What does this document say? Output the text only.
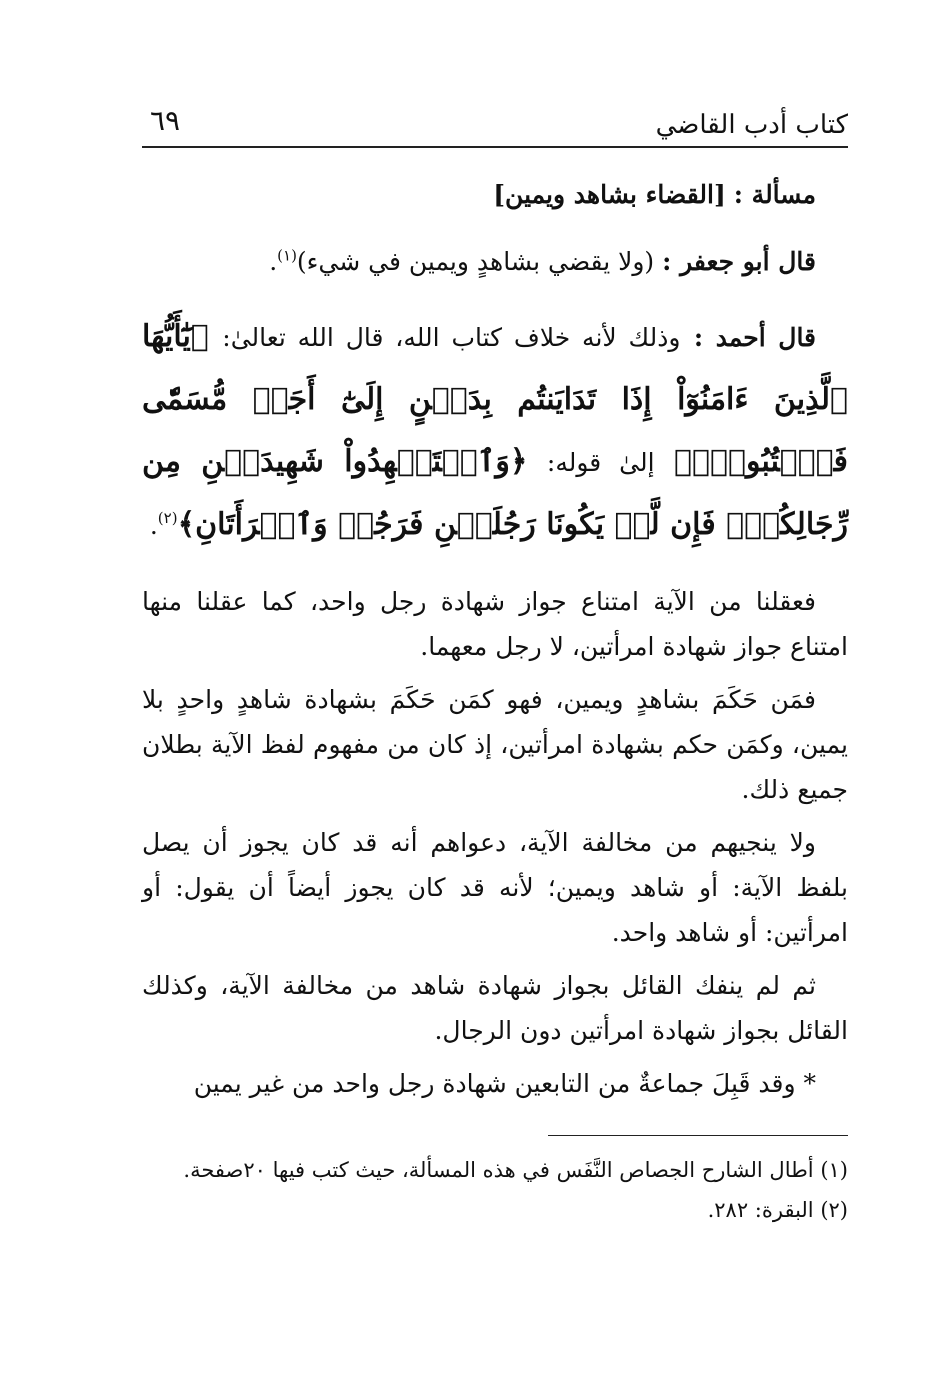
كتاب أدب القاضي
٦٩

مسألة : [القضاء بشاهد ويمين]

قال أبو جعفر : (ولا يقضي بشاهدٍ ويمين في شيء)$^{(١)}$.

قال أحمد : وذلك لأنه خلاف كتاب الله، قال الله تعالىٰ: ﴿يَٰٓأَيُّهَا ٱلَّذِينَ ءَامَنُوٓاْ إِذَا تَدَايَنتُم بِدَيۡنٍ إِلَىٰٓ أَجَلٖ مُّسَمّٗى فَٱكۡتُبُوهُۚ﴾ إلىٰ قوله: ﴿وَٱسۡتَشۡهِدُواْ شَهِيدَيۡنِ مِن رِّجَالِكُمۡۖ فَإِن لَّمۡ يَكُونَا رَجُلَيۡنِ فَرَجُلٞ وَٱمۡرَأَتَانِ﴾$^{(٢)}$.

فعقلنا من الآية امتناع جواز شهادة رجل واحد، كما عقلنا منها امتناع جواز شهادة امرأتين، لا رجل معهما.

فمَن حَكَمَ بشاهدٍ ويمين، فهو كمَن حَكَمَ بشهادة شاهدٍ واحدٍ بلا يمين، وكمَن حكم بشهادة امرأتين، إذ كان من مفهوم لفظ الآية بطلان جميع ذلك.

ولا ينجيهم من مخالفة الآية، دعواهم أنه قد كان يجوز أن يصل بلفظ الآية: أو شاهد ويمين؛ لأنه قد كان يجوز أيضاً أن يقول: أو امرأتين: أو شاهد واحد.

ثم لم ينفك القائل بجواز شهادة شاهد من مخالفة الآية، وكذلك القائل بجواز شهادة امرأتين دون الرجال.

* وقد قَبِلَ جماعةٌ من التابعين شهادة رجل واحد من غير يمين

(١) أطال الشارح الجصاص النَّفَس في هذه المسألة، حيث كتب فيها ٢٠صفحة.
(٢) البقرة: ٢٨٢.
